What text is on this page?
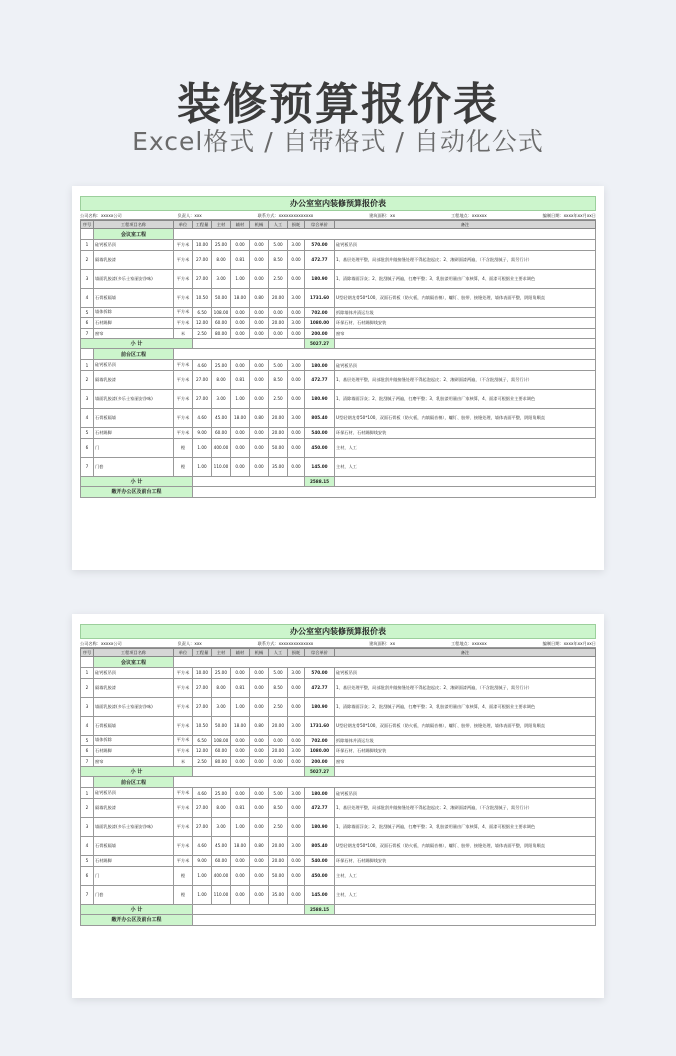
装修预算报价表
Excel格式 / 自带格式 / 自动化公式
办公室室内装修预算报价表
公司名称：xxxxx公司	负责人：xxx	联系方式：xxxxxxxxxxxxxx	建筑面积：xx	工程地点：xxxxxx	编制日期：xxxx年xx月xx日
序号	工程项目名称	单位	工程量	主材	辅材	机械	人工	损耗	综合单价	备注
	会议室工程									
1	硅钙板吊顶	平方米	10.00	25.00	0.00	0.00	5.00	3.00	570.00	硅钙板吊顶
2	隔墙乳胶漆	平方米	27.00	8.00	0.81	0.00	8.50	0.00	472.77	1、基层处理平整，局部批刮并做接缝处理不得起泡起皮；2、滚刷面漆两遍，（不含批刮腻子，需另行计）
3	墙面乳胶漆(多乐士家丽安净味)	平方米	27.00	3.00	1.00	0.00	2.50	0.00	180.90	1、清除墙面浮灰；2、批刮腻子两遍，打磨平整；3、乳胶漆用量由厂家核算，4、面漆可根据业主要求调色
4	石膏板隔墙	平方米	10.50	50.00	18.00	0.80	20.00	3.00	1731.60	U型轻钢龙骨50*100，双面石膏板（防火板，内填隔音棉），螺钉、胶带、接缝处理，墙体表面平整，阴阳角顺直
5	墙体拆除	平方米	6.50	108.00	0.00	0.00	0.00	0.00	702.00	拆除墙体并清运垃圾
6	石材踢脚	平方米	12.00	60.00	0.00	0.00	20.00	3.00	1080.00	环保石材、石材踢脚线安装
7	窗帘	米	2.50	80.00	0.00	0.00	0.00	0.00	200.00	窗帘
小 计									5027.27	
	前台区工程									
1	硅钙板吊顶	平方米	4.60	25.00	0.00	0.00	5.00	3.00	180.00	硅钙板吊顶
2	隔墙乳胶漆	平方米	27.00	8.00	0.81	0.00	8.50	0.00	472.77	1、基层处理平整，局部批刮并做接缝处理不得起泡起皮；2、滚刷面漆两遍，（不含批刮腻子，需另行计）
3	墙面乳胶漆(多乐士家丽安净味)	平方米	27.00	3.00	1.00	0.00	2.50	0.00	180.90	1、清除墙面浮灰；2、批刮腻子两遍，打磨平整；3、乳胶漆用量由厂家核算，4、面漆可根据业主要求调色
4	石膏板隔墙	平方米	4.60	45.00	18.00	0.80	20.00	3.00	805.40	U型轻钢龙骨50*100，双面石膏板（防火板，内填隔音棉），螺钉、胶带、接缝处理，墙体表面平整，阴阳角顺直
5	石材踢脚	平方米	9.00	60.00	0.00	0.00	20.00	0.00	540.00	环保石材、石材踢脚线安装
6	门	樘	1.00	400.00	0.00	0.00	50.00	0.00	450.00	主材，人工
7	门套	樘	1.00	110.00	0.00	0.00	35.00	0.00	145.00	主材，人工
小 计									2588.15	
敞开办公区及前台工程										
办公室室内装修预算报价表
公司名称：xxxxx公司	负责人：xxx	联系方式：xxxxxxxxxxxxxx	建筑面积：xx	工程地点：xxxxxx	编制日期：xxxx年xx月xx日
序号	工程项目名称	单位	工程量	主材	辅材	机械	人工	损耗	综合单价	备注
	会议室工程									
1	硅钙板吊顶	平方米	10.00	25.00	0.00	0.00	5.00	3.00	570.00	硅钙板吊顶
2	隔墙乳胶漆	平方米	27.00	8.00	0.81	0.00	8.50	0.00	472.77	1、基层处理平整，局部批刮并做接缝处理不得起泡起皮；2、滚刷面漆两遍，（不含批刮腻子，需另行计）
3	墙面乳胶漆(多乐士家丽安净味)	平方米	27.00	3.00	1.00	0.00	2.50	0.00	180.90	1、清除墙面浮灰；2、批刮腻子两遍，打磨平整；3、乳胶漆用量由厂家核算，4、面漆可根据业主要求调色
4	石膏板隔墙	平方米	10.50	50.00	18.00	0.80	20.00	3.00	1731.60	U型轻钢龙骨50*100，双面石膏板（防火板，内填隔音棉），螺钉、胶带、接缝处理，墙体表面平整，阴阳角顺直
5	墙体拆除	平方米	6.50	108.00	0.00	0.00	0.00	0.00	702.00	拆除墙体并清运垃圾
6	石材踢脚	平方米	12.00	60.00	0.00	0.00	20.00	3.00	1080.00	环保石材、石材踢脚线安装
7	窗帘	米	2.50	80.00	0.00	0.00	0.00	0.00	200.00	窗帘
小 计									5027.27	
	前台区工程									
1	硅钙板吊顶	平方米	4.60	25.00	0.00	0.00	5.00	3.00	180.00	硅钙板吊顶
2	隔墙乳胶漆	平方米	27.00	8.00	0.81	0.00	8.50	0.00	472.77	1、基层处理平整，局部批刮并做接缝处理不得起泡起皮；2、滚刷面漆两遍，（不含批刮腻子，需另行计）
3	墙面乳胶漆(多乐士家丽安净味)	平方米	27.00	3.00	1.00	0.00	2.50	0.00	180.90	1、清除墙面浮灰；2、批刮腻子两遍，打磨平整；3、乳胶漆用量由厂家核算，4、面漆可根据业主要求调色
4	石膏板隔墙	平方米	4.60	45.00	18.00	0.80	20.00	3.00	805.40	U型轻钢龙骨50*100，双面石膏板（防火板，内填隔音棉），螺钉、胶带、接缝处理，墙体表面平整，阴阳角顺直
5	石材踢脚	平方米	9.00	60.00	0.00	0.00	20.00	0.00	540.00	环保石材、石材踢脚线安装
6	门	樘	1.00	400.00	0.00	0.00	50.00	0.00	450.00	主材，人工
7	门套	樘	1.00	110.00	0.00	0.00	35.00	0.00	145.00	主材，人工
小 计									2588.15	
敞开办公区及前台工程										
